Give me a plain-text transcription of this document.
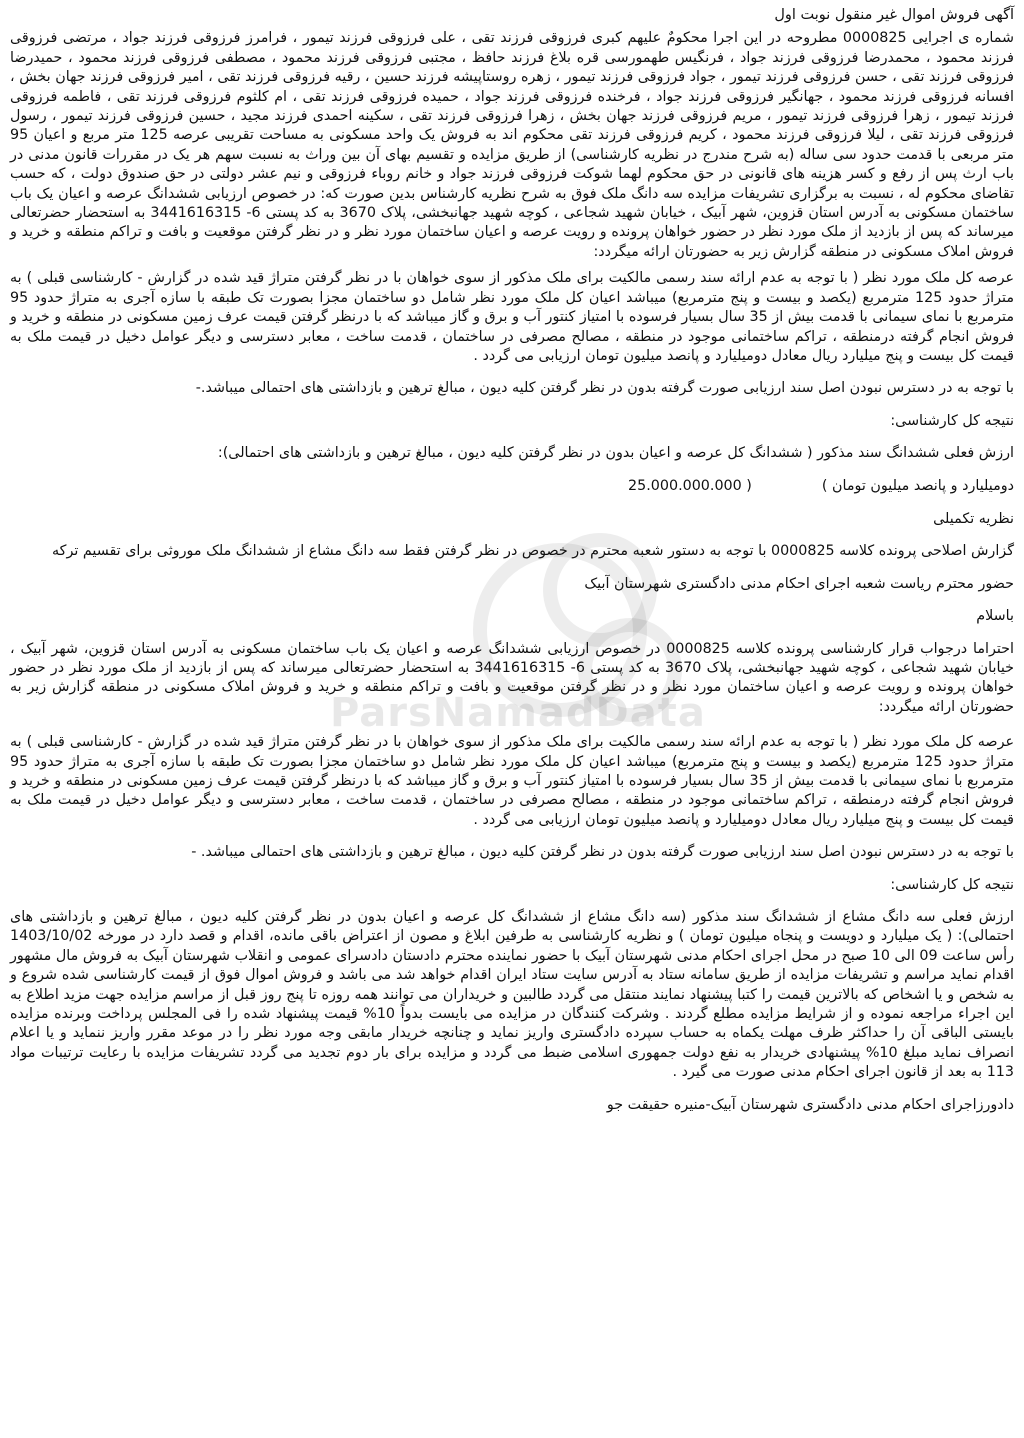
ParsNamadData
آگهی فروش اموال غیر منقول نوبت اول

شماره ی اجرایی 0000825 مطروحه در این اجرا محکومٌ علیهم کبری فرزوقی فرزند تقی ، علی فرزوقی فرزند تیمور ، فرامرز فرزوقی فرزند جواد ، مرتضی فرزوقی فرزند محمود ، محمدرضا فرزوقی فرزند جواد ، فرنگیس طهمورسی قره بلاغ فرزند حافظ ، مجتبی فرزوقی فرزند محمود ، مصطفی فرزوقی فرزند محمود ، حمیدرضا فرزوقی فرزند تقی ، حسن فرزوقی فرزند تیمور ، جواد فرزوقی فرزند تیمور ، زهره روستاپیشه فرزند حسین ، رقیه فرزوقی فرزند تقی ، امیر فرزوقی فرزند جهان بخش ، افسانه فرزوقی فرزند محمود ، جهانگیر فرزوقی فرزند جواد ، فرخنده فرزوقی فرزند جواد ، حمیده فرزوقی فرزند تقی ، ام کلثوم فرزوقی فرزند تقی ، فاطمه فرزوقی فرزند تیمور ، زهرا فرزوقی فرزند تیمور ، مریم فرزوقی فرزند جهان بخش ، زهرا فرزوقی فرزند تقی ، سکینه احمدی فرزند مجید ، حسین فرزوقی فرزند تیمور ، رسول فرزوقی فرزند تقی ، لیلا فرزوقی فرزند محمود ، کریم فرزوقی فرزند تقی محکوم اند به فروش یک واحد مسکونی به مساحت تقریبی عرصه 125 متر مربع و اعیان 95 متر مربعی با قدمت حدود سی ساله (به شرح مندرج در نظریه کارشناسی) از طریق مزایده و تقسیم بهای آن بین وراث به نسبت سهم هر یک در مقررات قانون مدنی در باب ارث پس از رفع و کسر هزینه های قانونی در حق محکوم لهما شوکت فرزوقی فرزند جواد و خانم روباء فرزوقی و نیم عشر دولتی در حق صندوق دولت ، که حسب تقاضای محکوم له ، نسبت به برگزاری تشریفات مزایده سه دانگ ملک فوق به شرح نظریه کارشناس بدین صورت که: در خصوص ارزیابی ششدانگ عرصه و اعیان یک باب ساختمان مسکونی به آدرس استان قزوین، شهر آبیک ، خیابان شهید شجاعی ، کوچه شهید جهانبخشی، پلاک 3670 به کد پستی 6- 3441616315 به استحضار حضرتعالی میرساند که پس از بازدید از ملک مورد نظر در حضور خواهان پرونده و رویت عرصه و اعیان ساختمان مورد نظر و در نظر گرفتن موقعیت و بافت و تراکم منطقه و خرید و فروش املاک مسکونی در منطقه گزارش زیر به حضورتان ارائه میگردد:

عرصه کل ملک مورد نظر ( با توجه به عدم ارائه سند رسمی مالکیت برای ملک مذکور از سوی خواهان با در نظر گرفتن متراژ قید شده در گزارش - کارشناسی قبلی ) به متراژ حدود 125 مترمربع (یکصد و بیست و پنج مترمربع) میباشد اعیان کل ملک مورد نظر شامل دو ساختمان مجزا بصورت تک طبقه با سازه آجری به متراژ حدود 95 مترمربع با نمای سیمانی با قدمت بیش از 35 سال بسیار فرسوده با امتیاز کنتور آب و برق و گاز میباشد که با درنظر گرفتن قیمت عرف زمین مسکونی در منطقه و خرید و فروش انجام گرفته درمنطقه ، تراکم ساختمانی موجود در منطقه ، مصالح مصرفی در ساختمان ، قدمت ساخت ، معابر دسترسی و دیگر عوامل دخیل در قیمت ملک به قیمت کل بیست و پنج میلیارد ریال معادل دومیلیارد و پانصد میلیون تومان ارزیابی می گردد .

با توجه به در دسترس نبودن اصل سند ارزیابی صورت گرفته بدون در نظر گرفتن کلیه دیون ، مبالغ ترهین و بازداشتی های احتمالی میباشد.-

نتیجه کل کارشناسی:

ارزش فعلی ششدانگ سند مذکور ( ششدانگ کل عرصه و اعیان بدون در نظر گرفتن کلیه دیون ، مبالغ ترهین و بازداشتی های احتمالی):

دومیلیارد و پانصد میلیون تومان )
25.000.000.000 )

نظریه تکمیلی

گزارش اصلاحی پرونده کلاسه 0000825 با توجه به دستور شعبه محترم در خصوص در نظر گرفتن فقط سه دانگ مشاع از ششدانگ ملک موروثی برای تقسیم ترکه

حضور محترم ریاست شعبه اجرای احکام مدنی دادگستری شهرستان آبیک

باسلام

احتراما درجواب قرار کارشناسی پرونده کلاسه 0000825 در خصوص ارزیابی ششدانگ عرصه و اعیان یک باب ساختمان مسکونی به آدرس استان قزوین، شهر آبیک ، خیابان شهید شجاعی ، کوچه شهید جهانبخشی، پلاک 3670 به کد پستی 6- 3441616315 به استحضار حضرتعالی میرساند که پس از بازدید از ملک مورد نظر در حضور خواهان پرونده و رویت عرصه و اعیان ساختمان مورد نظر و در نظر گرفتن موقعیت و بافت و تراکم منطقه و خرید و فروش املاک مسکونی در منطقه گزارش زیر به حضورتان ارائه میگردد:

عرصه کل ملک مورد نظر ( با توجه به عدم ارائه سند رسمی مالکیت برای ملک مذکور از سوی خواهان با در نظر گرفتن متراژ قید شده در گزارش - کارشناسی قبلی ) به متراژ حدود 125 مترمربع (یکصد و بیست و پنج مترمربع) میباشد اعیان کل ملک مورد نظر شامل دو ساختمان مجزا بصورت تک طبقه با سازه آجری به متراژ حدود 95 مترمربع با نمای سیمانی با قدمت بیش از 35 سال بسیار فرسوده با امتیاز کنتور آب و برق و گاز میباشد که با درنظر گرفتن قیمت عرف زمین مسکونی در منطقه و خرید و فروش انجام گرفته درمنطقه ، تراکم ساختمانی موجود در منطقه ، مصالح مصرفی در ساختمان ، قدمت ساخت ، معابر دسترسی و دیگر عوامل دخیل در قیمت ملک به قیمت کل بیست و پنج میلیارد ریال معادل دومیلیارد و پانصد میلیون تومان ارزیابی می گردد .

با توجه به در دسترس نبودن اصل سند ارزیابی صورت گرفته بدون در نظر گرفتن کلیه دیون ، مبالغ ترهین و بازداشتی های احتمالی میباشد. -

نتیجه کل کارشناسی:

ارزش فعلی سه دانگ مشاع از ششدانگ سند مذکور (سه دانگ مشاع از ششدانگ کل عرصه و اعیان بدون در نظر گرفتن کلیه دیون ، مبالغ ترهین و بازداشتی های احتمالی): ( یک میلیارد و دویست و پنجاه میلیون تومان ) و نظریه کارشناسی به طرفین ابلاغ و مصون از اعتراض باقی مانده، اقدام و قصد دارد در مورخه 1403/10/02 رأس ساعت 09 الی 10 صبح در محل اجرای احکام مدنی شهرستان آبیک با حضور نماینده محترم دادستان دادسرای عمومی و انقلاب شهرستان آبیک به فروش مال مشهور اقدام نماید مراسم و تشریفات مزایده از طریق سامانه ستاد به آدرس سایت ستاد ایران اقدام خواهد شد می باشد و فروش اموال فوق از قیمت کارشناسی شده شروع و به شخص و یا اشخاص که بالاترین قیمت را کتبا پیشنهاد نمایند منتقل می گردد طالبین و خریداران می توانند همه روزه تا پنج روز قبل از مراسم مزایده جهت مزید اطلاع به این اجراء مراجعه نموده و از شرایط مزایده مطلع گردند . وشرکت کنندگان در مزایده می بایست بدواً 10% قیمت پیشنهاد شده را فی المجلس پرداخت وبرنده مزایده بایستی الباقی آن را حداکثر ظرف مهلت یکماه به حساب سپرده دادگستری واریز نماید و چنانچه خریدار مابقی وجه مورد نظر را در موعد مقرر واریز ننماید و یا اعلام انصراف نماید مبلغ 10% پیشنهادی خریدار به نفع دولت جمهوری اسلامی ضبط می گردد و مزایده برای بار دوم تجدید می گردد تشریفات مزایده با رعایت ترتیبات مواد 113 به بعد از قانون اجرای احکام مدنی صورت می گیرد .

دادورزاجرای احکام مدنی دادگستری شهرستان آبیک-منیره حقیقت جو
